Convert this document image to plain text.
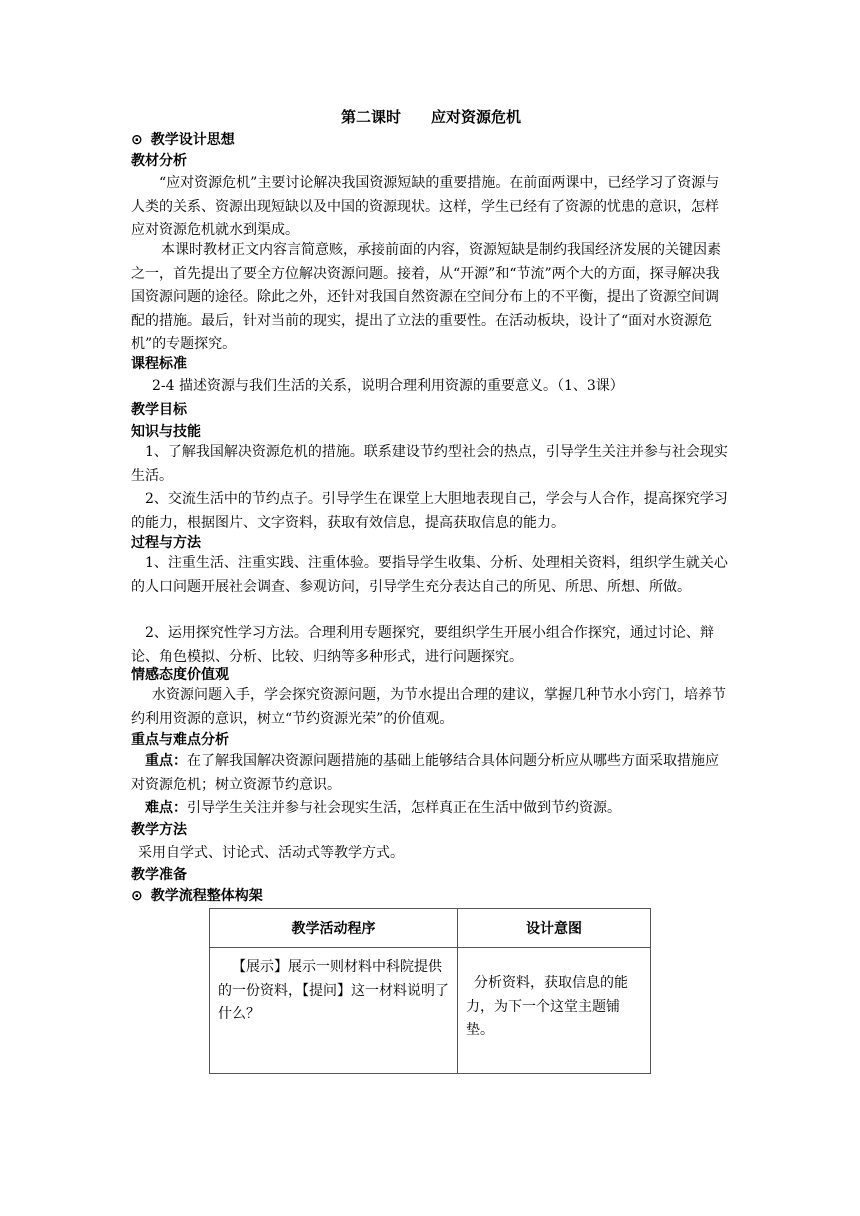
第二课时　　应对资源危机
⊙ 教学设计思想
教材分析
“应对资源危机”主要讨论解决我国资源短缺的重要措施。在前面两课中，已经学习了资源与人类的关系、资源出现短缺以及中国的资源现状。这样，学生已经有了资源的忧患的意识，怎样应对资源危机就水到渠成。
本课时教材正文内容言简意赅，承接前面的内容，资源短缺是制约我国经济发展的关键因素之一，首先提出了要全方位解决资源问题。接着，从“开源”和“节流”两个大的方面，探寻解决我国资源问题的途径。除此之外，还针对我国自然资源在空间分布上的不平衡，提出了资源空间调配的措施。最后，针对当前的现实，提出了立法的重要性。在活动板块，设计了“面对水资源危机”的专题探究。
课程标准
2-4 描述资源与我们生活的关系，说明合理利用资源的重要意义。（1、3课）
教学目标
知识与技能
1、了解我国解决资源危机的措施。联系建设节约型社会的热点，引导学生关注并参与社会现实生活。
2、交流生活中的节约点子。引导学生在课堂上大胆地表现自己，学会与人合作，提高探究学习的能力，根据图片、文字资料，获取有效信息，提高获取信息的能力。
过程与方法
1、注重生活、注重实践、注重体验。要指导学生收集、分析、处理相关资料，组织学生就关心的人口问题开展社会调查、参观访问，引导学生充分表达自己的所见、所思、所想、所做。
2、运用探究性学习方法。合理利用专题探究，要组织学生开展小组合作探究，通过讨论、辩论、角色模拟、分析、比较、归纳等多种形式，进行问题探究。
情感态度价值观
水资源问题入手，学会探究资源问题，为节水提出合理的建议，掌握几种节水小窍门，培养节约利用资源的意识，树立“节约资源光荣”的价值观。
重点与难点分析
重点：在了解我国解决资源问题措施的基础上能够结合具体问题分析应从哪些方面采取措施应对资源危机；树立资源节约意识。
难点：引导学生关注并参与社会现实生活，怎样真正在生活中做到节约资源。
教学方法
采用自学式、讨论式、活动式等教学方式。
教学准备
⊙ 教学流程整体构架
教学活动程序	设计意图
【展示】展示一则材料中科院提供的一份资料，【提问】这一材料说明了什么？	分析资料，获取信息的能力，为下一个这堂主题铺垫。
